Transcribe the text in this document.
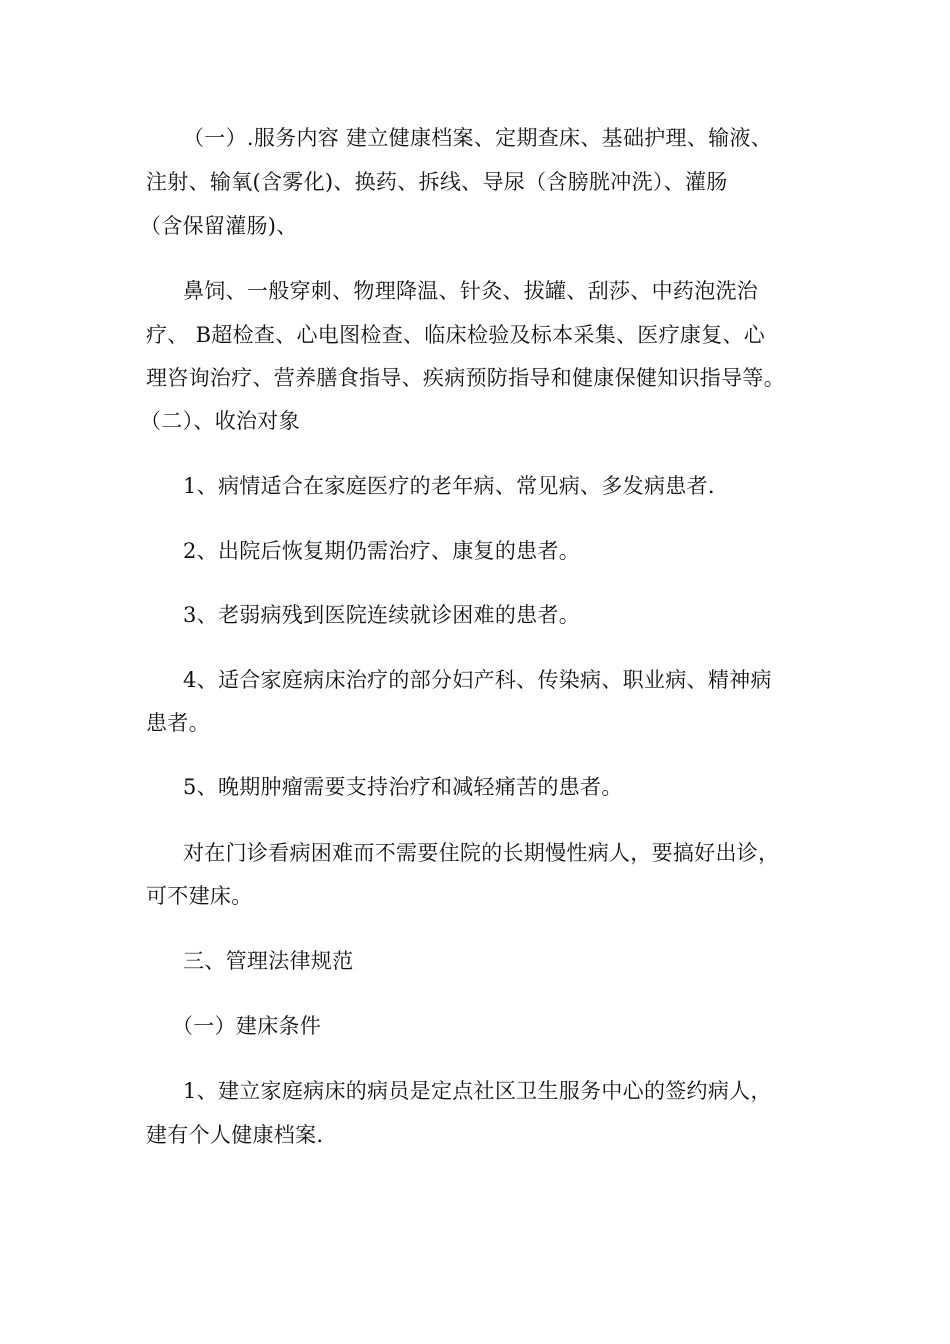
（一）.服务内容 建立健康档案、定期查床、基础护理、输液、
注射、输氧(含雾化)、换药、拆线、导尿（含膀胱冲洗）、灌肠
（含保留灌肠)、
鼻饲、一般穿刺、物理降温、针灸、拔罐、刮莎、中药泡洗治
疗、 B超检查、心电图检查、临床检验及标本采集、医疗康复、心
理咨询治疗、营养膳食指导、疾病预防指导和健康保健知识指导等。
（二）、收治对象
1、病情适合在家庭医疗的老年病、常见病、多发病患者.
2、出院后恢复期仍需治疗、康复的患者。
3、老弱病残到医院连续就诊困难的患者。
4、适合家庭病床治疗的部分妇产科、传染病、职业病、精神病
患者。
5、晚期肿瘤需要支持治疗和减轻痛苦的患者。
对在门诊看病困难而不需要住院的长期慢性病人，要搞好出诊，
可不建床。
三、管理法律规范
（一）建床条件
1、建立家庭病床的病员是定点社区卫生服务中心的签约病人，
建有个人健康档案.
